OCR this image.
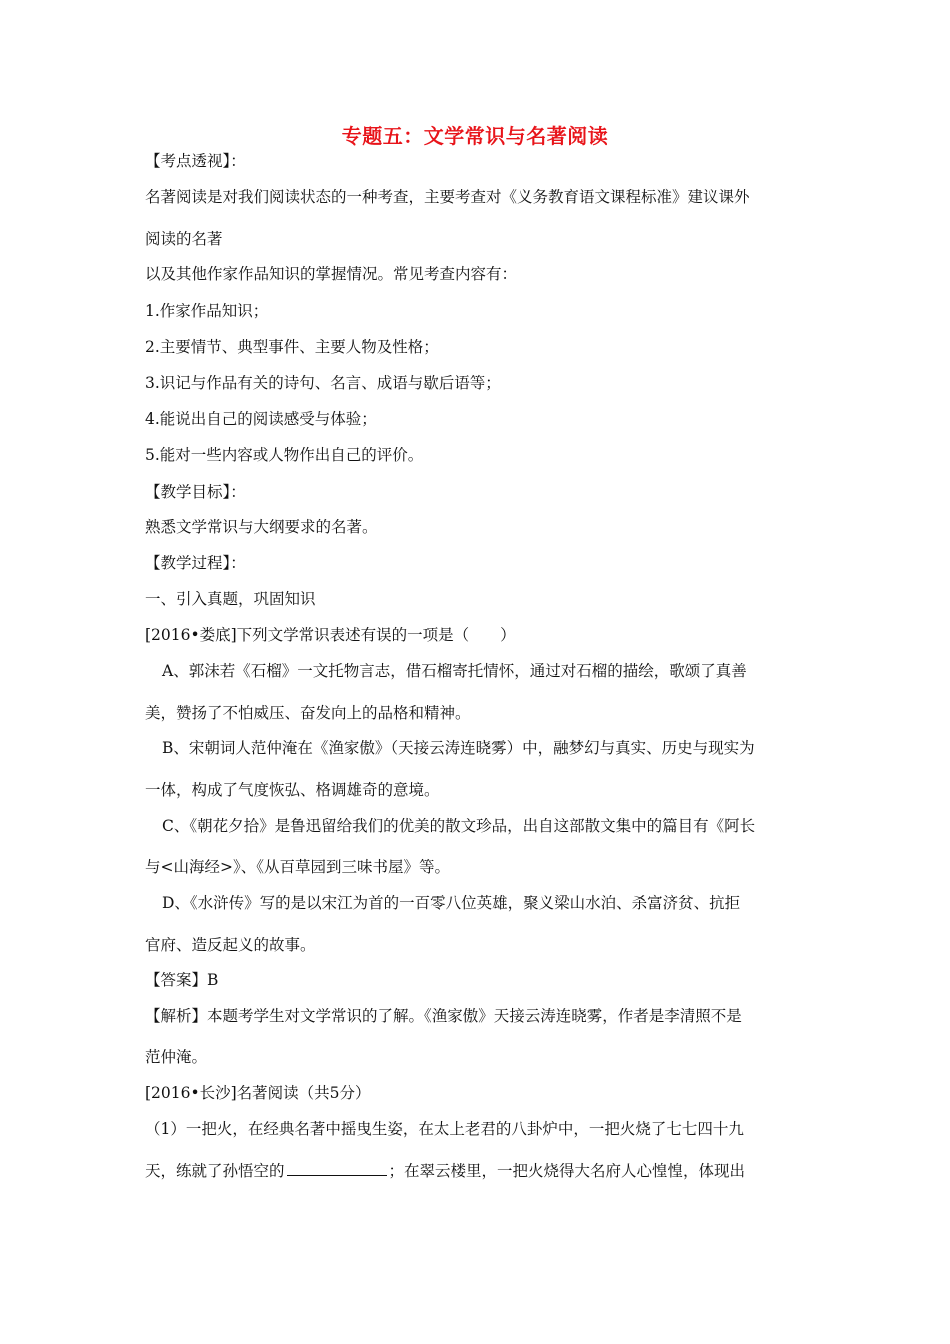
专题五：文学常识与名著阅读
【考点透视】：
名著阅读是对我们阅读状态的一种考查，主要考查对《义务教育语文课程标准》建议课外
阅读的名著
以及其他作家作品知识的掌握情况。常见考查内容有：
1.作家作品知识；
2.主要情节、典型事件、主要人物及性格；
3.识记与作品有关的诗句、名言、成语与歇后语等；
4.能说出自己的阅读感受与体验；
5.能对一些内容或人物作出自己的评价。
【教学目标】：
熟悉文学常识与大纲要求的名著。
【教学过程】：
一、引入真题，巩固知识
[2016•娄底]下列文学常识表述有误的一项是（　　）
A、郭沫若《石榴》一文托物言志，借石榴寄托情怀，通过对石榴的描绘，歌颂了真善
美，赞扬了不怕威压、奋发向上的品格和精神。
B、宋朝词人范仲淹在《渔家傲》（天接云涛连晓雾）中，融梦幻与真实、历史与现实为
一体，构成了气度恢弘、格调雄奇的意境。
C、《朝花夕拾》是鲁迅留给我们的优美的散文珍品，出自这部散文集中的篇目有《阿长
与<山海经>》、《从百草园到三味书屋》等。
D、《水浒传》写的是以宋江为首的一百零八位英雄，聚义梁山水泊、杀富济贫、抗拒
官府、造反起义的故事。
【答案】B
【解析】本题考学生对文学常识的了解。《渔家傲》天接云涛连晓雾，作者是李清照不是
范仲淹。
[2016•长沙]名著阅读（共5分）
（1）一把火，在经典名著中摇曳生姿，在太上老君的八卦炉中，一把火烧了七七四十九
天，练就了孙悟空的	；在翠云楼里，一把火烧得大名府人心惶惶，体现出
